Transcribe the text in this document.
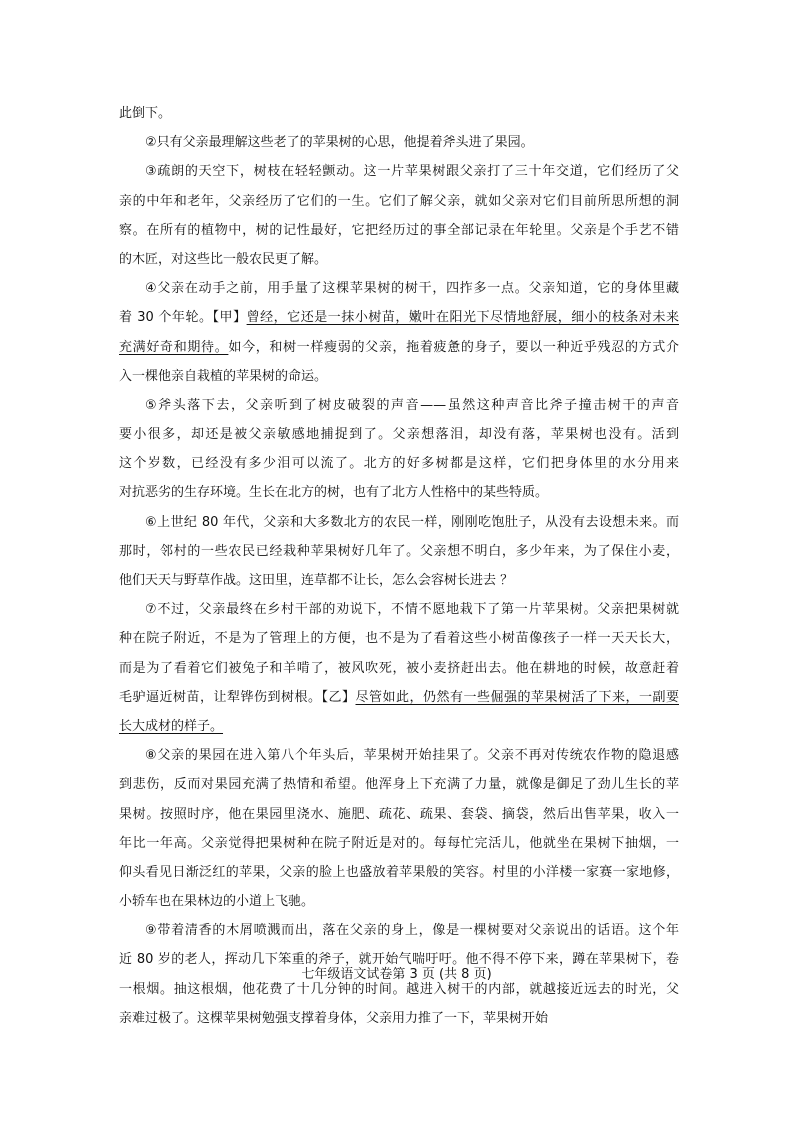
此倒下。
②只有父亲最理解这些老了的苹果树的心思，他提着斧头进了果园。
③疏朗的天空下，树枝在轻轻颤动。这一片苹果树跟父亲打了三十年交道，它们经历了父
亲的中年和老年，父亲经历了它们的一生。它们了解父亲，就如父亲对它们目前所思所想的洞
察。在所有的植物中，树的记性最好，它把经历过的事全部记录在年轮里。父亲是个手艺不错
的木匠，对这些比一般农民更了解。
④父亲在动手之前，用手量了这棵苹果树的树干，四拃多一点。父亲知道，它的身体里藏
着 30 个年轮。【甲】曾经，它还是一抹小树苗，嫩叶在阳光下尽情地舒展，细小的枝条对未来
充满好奇和期待。如今，和树一样瘦弱的父亲，拖着疲惫的身子，要以一种近乎残忍的方式介
入一棵他亲自栽植的苹果树的命运。
⑤斧头落下去，父亲听到了树皮破裂的声音——虽然这种声音比斧子撞击树干的声音
要小很多，却还是被父亲敏感地捕捉到了。父亲想落泪，却没有落，苹果树也没有。活到
这个岁数，已经没有多少泪可以流了。北方的好多树都是这样，它们把身体里的水分用来
对抗恶劣的生存环境。生长在北方的树，也有了北方人性格中的某些特质。
⑥上世纪 80 年代，父亲和大多数北方的农民一样，刚刚吃饱肚子，从没有去设想未来。而
那时，邻村的一些农民已经栽种苹果树好几年了。父亲想不明白，多少年来，为了保住小麦，
他们天天与野草作战。这田里，连草都不让长，怎么会容树长进去 ？
⑦不过，父亲最终在乡村干部的劝说下，不情不愿地栽下了第一片苹果树。父亲把果树就
种在院子附近，不是为了管理上的方便，也不是为了看着这些小树苗像孩子一样一天天长大，
而是为了看着它们被兔子和羊啃了，被风吹死，被小麦挤赶出去。他在耕地的时候，故意赶着
毛驴逼近树苗，让犁铧伤到树根。【乙】尽管如此，仍然有一些倔强的苹果树活了下来，一副要
长大成材的样子。
⑧父亲的果园在进入第八个年头后，苹果树开始挂果了。父亲不再对传统农作物的隐退感
到悲伤，反而对果园充满了热情和希望。他浑身上下充满了力量，就像是御足了劲儿生长的苹
果树。按照时序，他在果园里浇水、施肥、疏花、疏果、套袋、摘袋，然后出售苹果，收入一
年比一年高。父亲觉得把果树种在院子附近是对的。每每忙完活儿，他就坐在果树下抽烟，一
仰头看见日渐泛红的苹果，父亲的脸上也盛放着苹果般的笑容。村里的小洋楼一家赛一家地修，
小轿车也在果林边的小道上飞驰。
⑨带着清香的木屑喷溅而出，落在父亲的身上，像是一棵树要对父亲说出的话语。这个年
近 80 岁的老人，挥动几下笨重的斧子，就开始气喘吁吁。他不得不停下来，蹲在苹果树下，卷
一根烟。抽这根烟，他花费了十几分钟的时间。越进入树干的内部，就越接近远去的时光，父
亲难过极了。这棵苹果树勉强支撑着身体，父亲用力推了一下，苹果树开始
七年级语文试卷第 3 页 (共 8 页)
